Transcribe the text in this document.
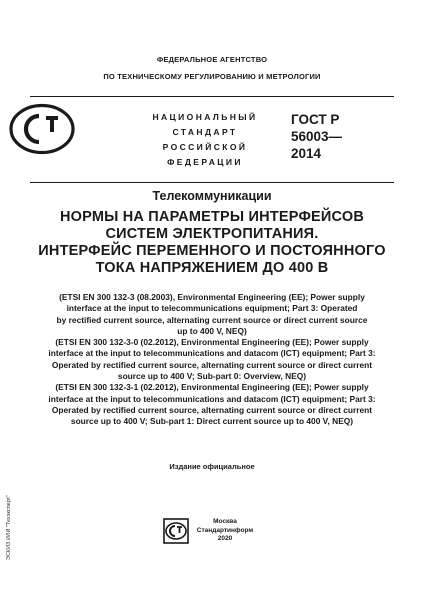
ФЕДЕРАЛЬНОЕ АГЕНТСТВО
ПО ТЕХНИЧЕСКОМУ РЕГУЛИРОВАНИЮ И МЕТРОЛОГИИ
НАЦИОНАЛЬНЫЙ
СТАНДАРТ
РОССИЙСКОЙ
ФЕДЕРАЦИИ
ГОСТ Р
56003—
2014
Телекоммуникации
НОРМЫ НА ПАРАМЕТРЫ ИНТЕРФЕЙСОВ
СИСТЕМ ЭЛЕКТРОПИТАНИЯ.
ИНТЕРФЕЙС ПЕРЕМЕННОГО И ПОСТОЯННОГО
ТОКА НАПРЯЖЕНИЕМ ДО 400 В
(ETSI EN 300 132-3 (08.2003), Environmental Engineering (EE); Power supply
interface at the input to telecommunications equipment; Part 3: Operated
by rectified current source, alternating current source or direct current source
up to 400 V, NEQ)
(ETSI EN 300 132-3-0 (02.2012), Environmental Engineering (EE); Power supply
interface at the input to telecommunications and datacom (ICT) equipment; Part 3:
Operated by rectified current source, alternating current source or direct current
source up to 400 V; Sub-part 0: Overview, NEQ)
(ETSI EN 300 132-3-1 (02.2012), Environmental Engineering (EE); Power supply
interface at the input to telecommunications and datacom (ICT) equipment; Part 3:
Operated by rectified current source, alternating current source or direct current
source up to 400 V; Sub-part 1: Direct current source up to 400 V, NEQ)
Издание официальное
Москва
Стандартинформ
2020
ЭСКИЗ ИЛИ "Техэксперт"
